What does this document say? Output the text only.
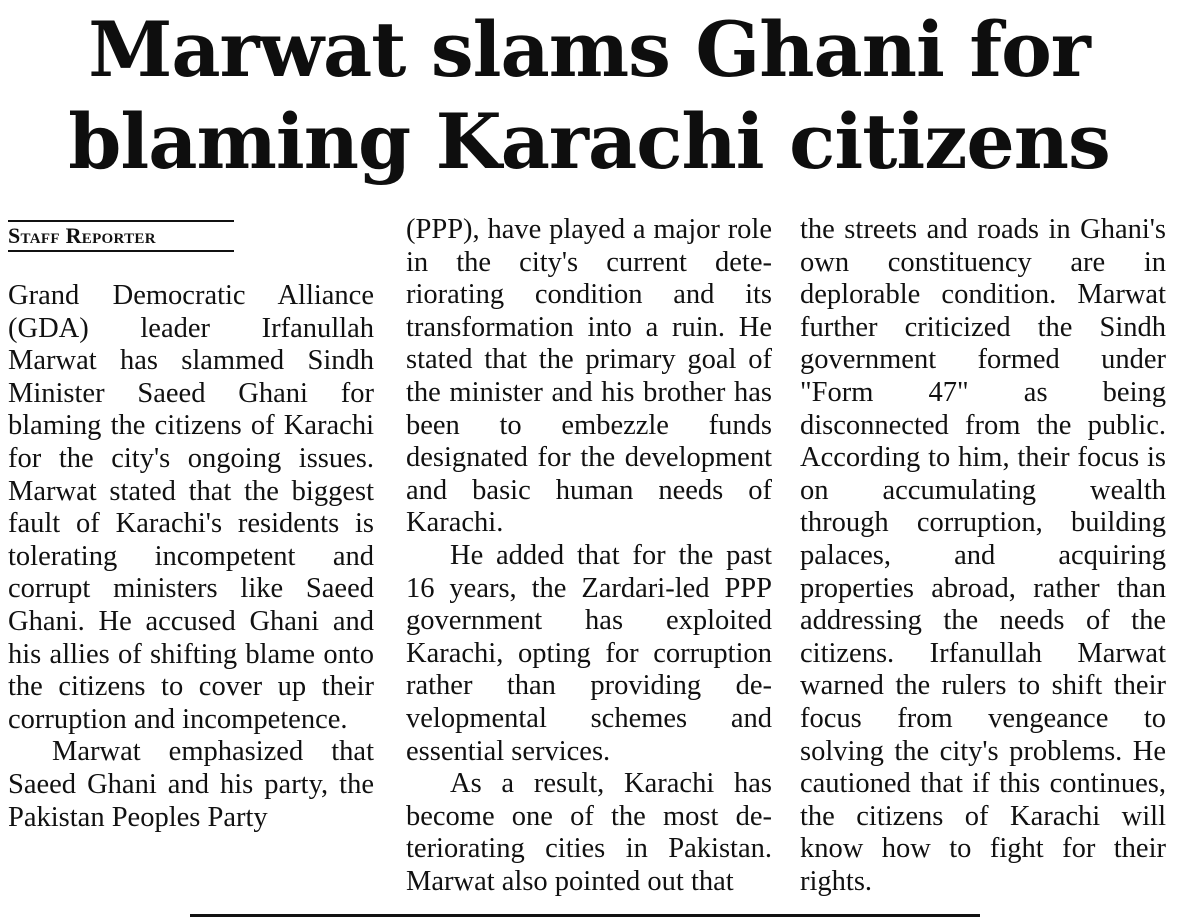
Marwat slams Ghani for
blaming Karachi citizens
Staff Reporter

Grand Democratic Alliance (GDA) leader Irfanullah Marwat has slammed Sindh Minister Saeed Ghani for blaming the citizens of Karachi for the city's ongoing issues. Marwat stated that the biggest fault of Karachi's residents is tolerating incompetent and corrupt ministers like Saeed Ghani. He accused Ghani and his allies of shifting blame onto the citizens to cover up their corruption and incompetence.

Marwat emphasized that Saeed Ghani and his party, the Pakistan Peoples Party

(PPP), have played a major role in the city's current deteriorating condition and its transformation into a ruin. He stated that the primary goal of the minister and his brother has been to embezzle funds designated for the development and basic human needs of Karachi.

He added that for the past 16 years, the Zardari-led PPP government has exploited Karachi, opting for corruption rather than providing developmental schemes and essential services.

As a result, Karachi has become one of the most deteriorating cities in Pakistan. Marwat also pointed out that

the streets and roads in Ghani's own constituency are in deplorable condition. Marwat further criticized the Sindh government formed under "Form 47" as being disconnected from the public. According to him, their focus is on accumulating wealth through corruption, building palaces, and acquiring properties abroad, rather than addressing the needs of the citizens. Irfanullah Marwat warned the rulers to shift their focus from vengeance to solving the city's problems. He cautioned that if this continues, the citizens of Karachi will know how to fight for their rights.
